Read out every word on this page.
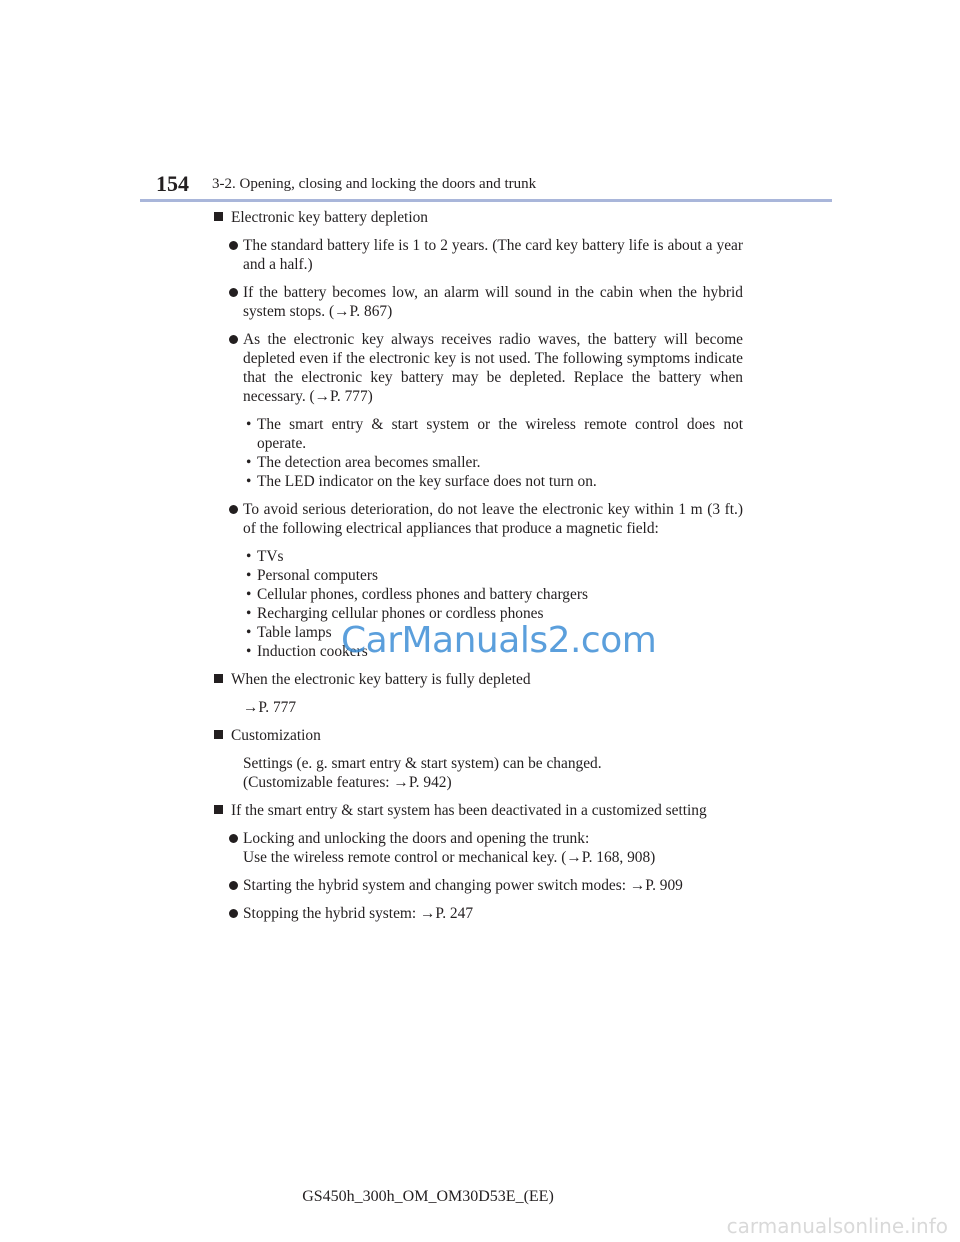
154 3-2. Opening, closing and locking the doors and trunk
Electronic key battery depletion
The standard battery life is 1 to 2 years. (The card key battery life is about a year and a half.)
If the battery becomes low, an alarm will sound in the cabin when the hybrid system stops. (→P. 867)
As the electronic key always receives radio waves, the battery will become depleted even if the electronic key is not used. The following symptoms indicate that the electronic key battery may be depleted. Replace the battery when necessary. (→P. 777)
• The smart entry & start system or the wireless remote control does not operate.
• The detection area becomes smaller.
• The LED indicator on the key surface does not turn on.
To avoid serious deterioration, do not leave the electronic key within 1 m (3 ft.) of the following electrical appliances that produce a magnetic field:
• TVs
• Personal computers
• Cellular phones, cordless phones and battery chargers
• Recharging cellular phones or cordless phones
• Table lamps
• Induction cookers
When the electronic key battery is fully depleted
→P. 777
Customization
Settings (e. g. smart entry & start system) can be changed.
(Customizable features: →P. 942)
If the smart entry & start system has been deactivated in a customized setting
Locking and unlocking the doors and opening the trunk:
Use the wireless remote control or mechanical key. (→P. 168, 908)
Starting the hybrid system and changing power switch modes: →P. 909
Stopping the hybrid system: →P. 247
CarManuals2.com
GS450h_300h_OM_OM30D53E_(EE)
carmanualsonline.info
